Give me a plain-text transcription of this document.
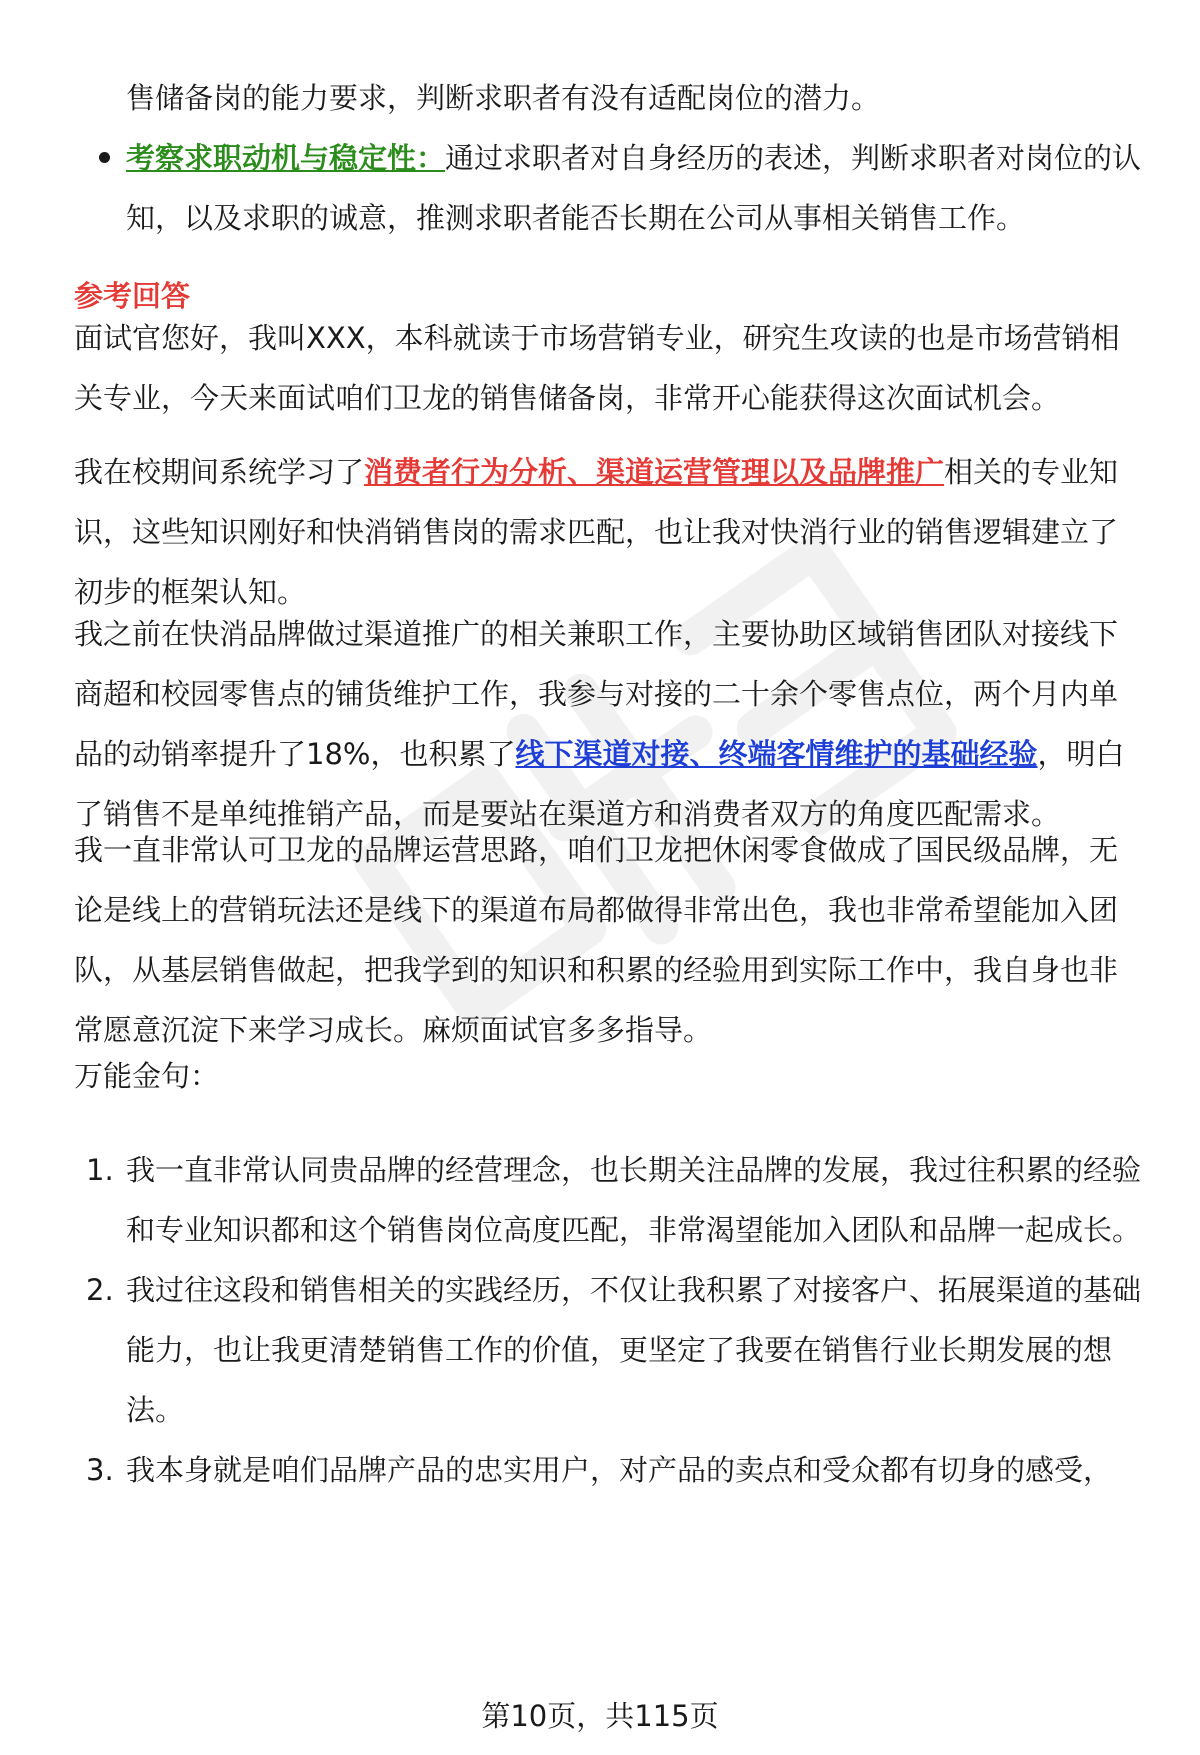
售储备岗的能力要求，判断求职者有没有适配岗位的潜力。

考察求职动机与稳定性：通过求职者对自身经历的表述，判断求职者对岗位的认知，以及求职的诚意，推测求职者能否长期在公司从事相关销售工作。
参考回答

面试官您好，我叫XXX，本科就读于市场营销专业，研究生攻读的也是市场营销相关专业，今天来面试咱们卫龙的销售储备岗，非常开心能获得这次面试机会。

我在校期间系统学习了消费者行为分析、渠道运营管理以及品牌推广相关的专业知识，这些知识刚好和快消销售岗的需求匹配，也让我对快消行业的销售逻辑建立了初步的框架认知。

我之前在快消品牌做过渠道推广的相关兼职工作，主要协助区域销售团队对接线下商超和校园零售点的铺货维护工作，我参与对接的二十余个零售点位，两个月内单品的动销率提升了18%，也积累了线下渠道对接、终端客情维护的基础经验，明白了销售不是单纯推销产品，而是要站在渠道方和消费者双方的角度匹配需求。

我一直非常认可卫龙的品牌运营思路，咱们卫龙把休闲零食做成了国民级品牌，无论是线上的营销玩法还是线下的渠道布局都做得非常出色，我也非常希望能加入团队，从基层销售做起，把我学到的知识和积累的经验用到实际工作中，我自身也非常愿意沉淀下来学习成长。麻烦面试官多多指导。

万能金句：

1. 我一直非常认同贵品牌的经营理念，也长期关注品牌的发展，我过往积累的经验和专业知识都和这个销售岗位高度匹配，非常渴望能加入团队和品牌一起成长。
2. 我过往这段和销售相关的实践经历，不仅让我积累了对接客户、拓展渠道的基础能力，也让我更清楚销售工作的价值，更坚定了我要在销售行业长期发展的想法。
3. 我本身就是咱们品牌产品的忠实用户，对产品的卖点和受众都有切身的感受，
第10页，共115页
